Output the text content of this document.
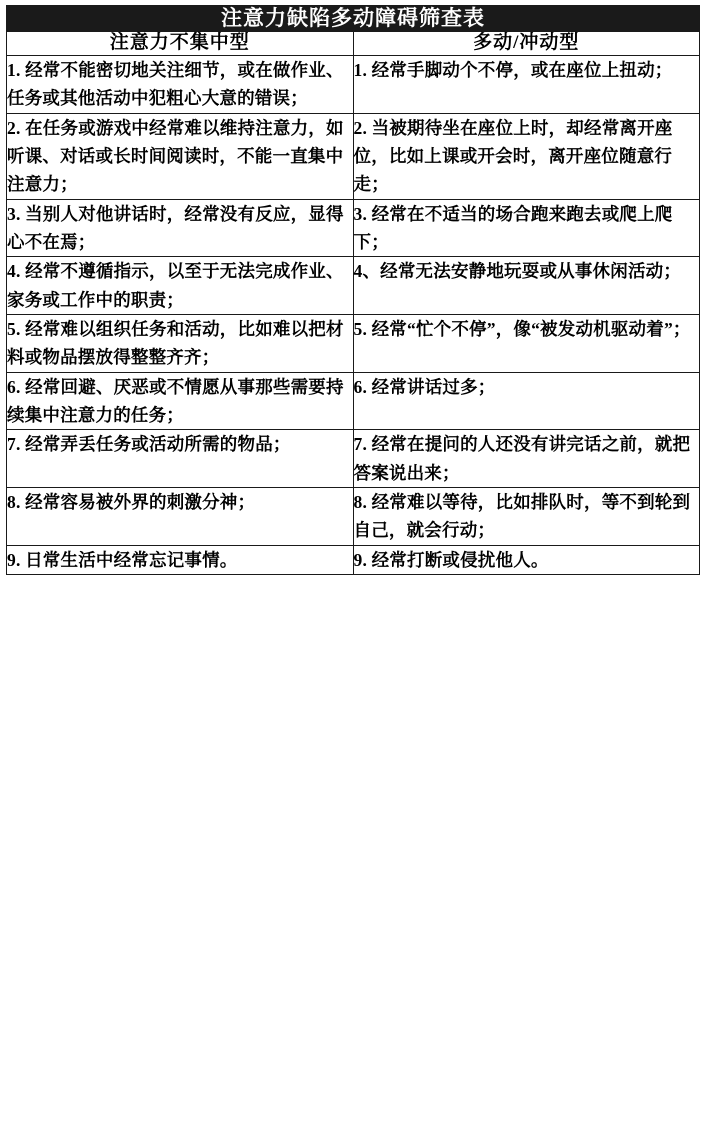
注意力缺陷多动障碍筛查表	
注意力不集中型	多动/冲动型
1. 经常不能密切地关注细节，或在做作业、任务或其他活动中犯粗心大意的错误；	1. 经常手脚动个不停，或在座位上扭动；
2. 在任务或游戏中经常难以维持注意力，如听课、对话或长时间阅读时，不能一直集中注意力；	2. 当被期待坐在座位上时，却经常离开座位，比如上课或开会时，离开座位随意行走；
3. 当别人对他讲话时，经常没有反应，显得心不在焉；	3. 经常在不适当的场合跑来跑去或爬上爬下；
4. 经常不遵循指示，以至于无法完成作业、家务或工作中的职责；	4、经常无法安静地玩耍或从事休闲活动；
5. 经常难以组织任务和活动，比如难以把材料或物品摆放得整整齐齐；	5. 经常“忙个不停”，像“被发动机驱动着”；
6. 经常回避、厌恶或不情愿从事那些需要持续集中注意力的任务；	6. 经常讲话过多；
7. 经常弄丢任务或活动所需的物品；	7. 经常在提问的人还没有讲完话之前，就把答案说出来；
8. 经常容易被外界的刺激分神；	8. 经常难以等待，比如排队时，等不到轮到自己，就会行动；
9. 日常生活中经常忘记事情。	9. 经常打断或侵扰他人。
